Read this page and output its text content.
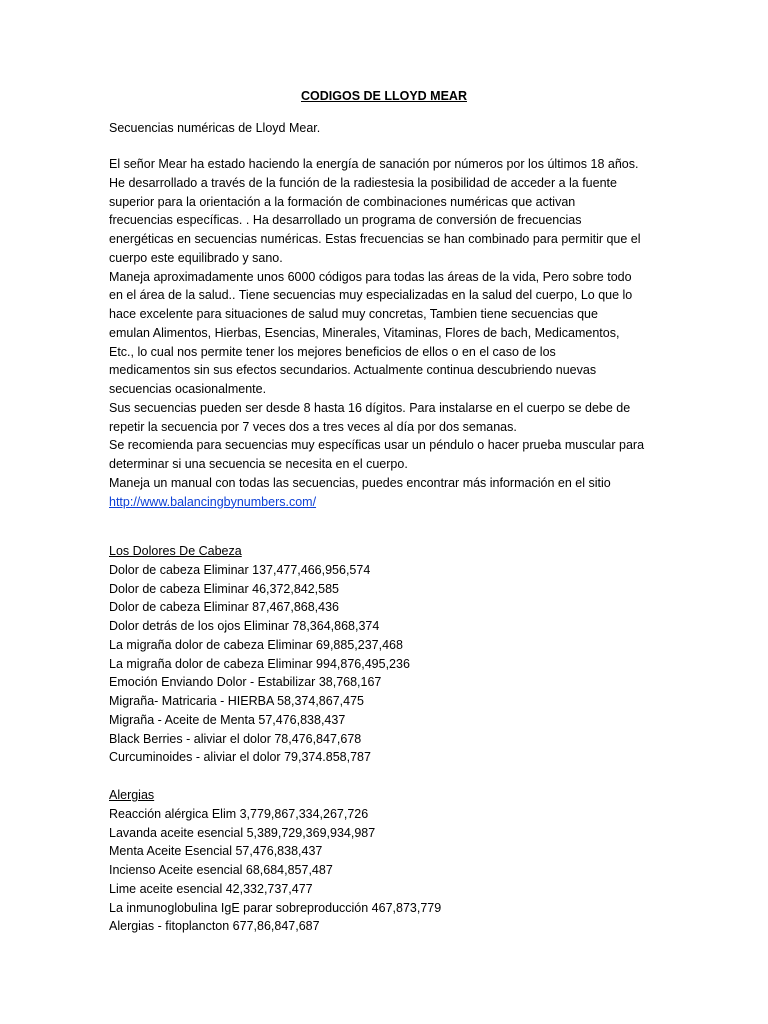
CODIGOS DE LLOYD MEAR

Secuencias numéricas de Lloyd Mear.

El señor Mear ha estado haciendo la energía de sanación por números por los últimos 18 años.
He desarrollado a través de la función de la radiestesia la posibilidad de acceder a la fuente
superior para la orientación a la formación de combinaciones numéricas que activan
frecuencias específicas. . Ha desarrollado un programa de conversión de frecuencias
energéticas en secuencias numéricas. Estas frecuencias se han combinado para permitir que el
cuerpo este equilibrado y sano.
Maneja aproximadamente unos 6000 códigos para todas las áreas de la vida, Pero sobre todo
en el área de la salud.. Tiene secuencias muy especializadas en la salud del cuerpo, Lo que lo
hace excelente para situaciones de salud muy concretas, Tambien tiene secuencias que
emulan Alimentos, Hierbas, Esencias, Minerales, Vitaminas, Flores de bach, Medicamentos,
Etc., lo cual nos permite tener los mejores beneficios de ellos o en el caso de los
medicamentos sin sus efectos secundarios. Actualmente continua descubriendo nuevas
secuencias ocasionalmente.
Sus secuencias pueden ser desde 8 hasta 16 dígitos. Para instalarse en el cuerpo se debe de
repetir la secuencia por 7 veces dos a tres veces al día por dos semanas.
Se recomienda para secuencias muy específicas usar un péndulo o hacer prueba muscular para
determinar si una secuencia se necesita en el cuerpo.
Maneja un manual con todas las secuencias, puedes encontrar más información en el sitio
http://www.balancingbynumbers.com/
Los Dolores De Cabeza
Dolor de cabeza Eliminar 137,477,466,956,574
Dolor de cabeza Eliminar 46,372,842,585
Dolor de cabeza Eliminar 87,467,868,436
Dolor detrás de los ojos Eliminar 78,364,868,374
La migraña dolor de cabeza Eliminar 69,885,237,468
La migraña dolor de cabeza Eliminar 994,876,495,236
Emoción Enviando Dolor - Estabilizar 38,768,167
Migraña- Matricaria - HIERBA 58,374,867,475
Migraña - Aceite de Menta 57,476,838,437
Black Berries - aliviar el dolor 78,476,847,678
Curcuminoides - aliviar el dolor 79,374.858,787
Alergias
Reacción alérgica Elim 3,779,867,334,267,726
Lavanda aceite esencial 5,389,729,369,934,987
Menta Aceite Esencial 57,476,838,437
Incienso Aceite esencial 68,684,857,487
Lime aceite esencial 42,332,737,477
La inmunoglobulina IgE parar sobreproducción 467,873,779
Alergias - fitoplancton 677,86,847,687
